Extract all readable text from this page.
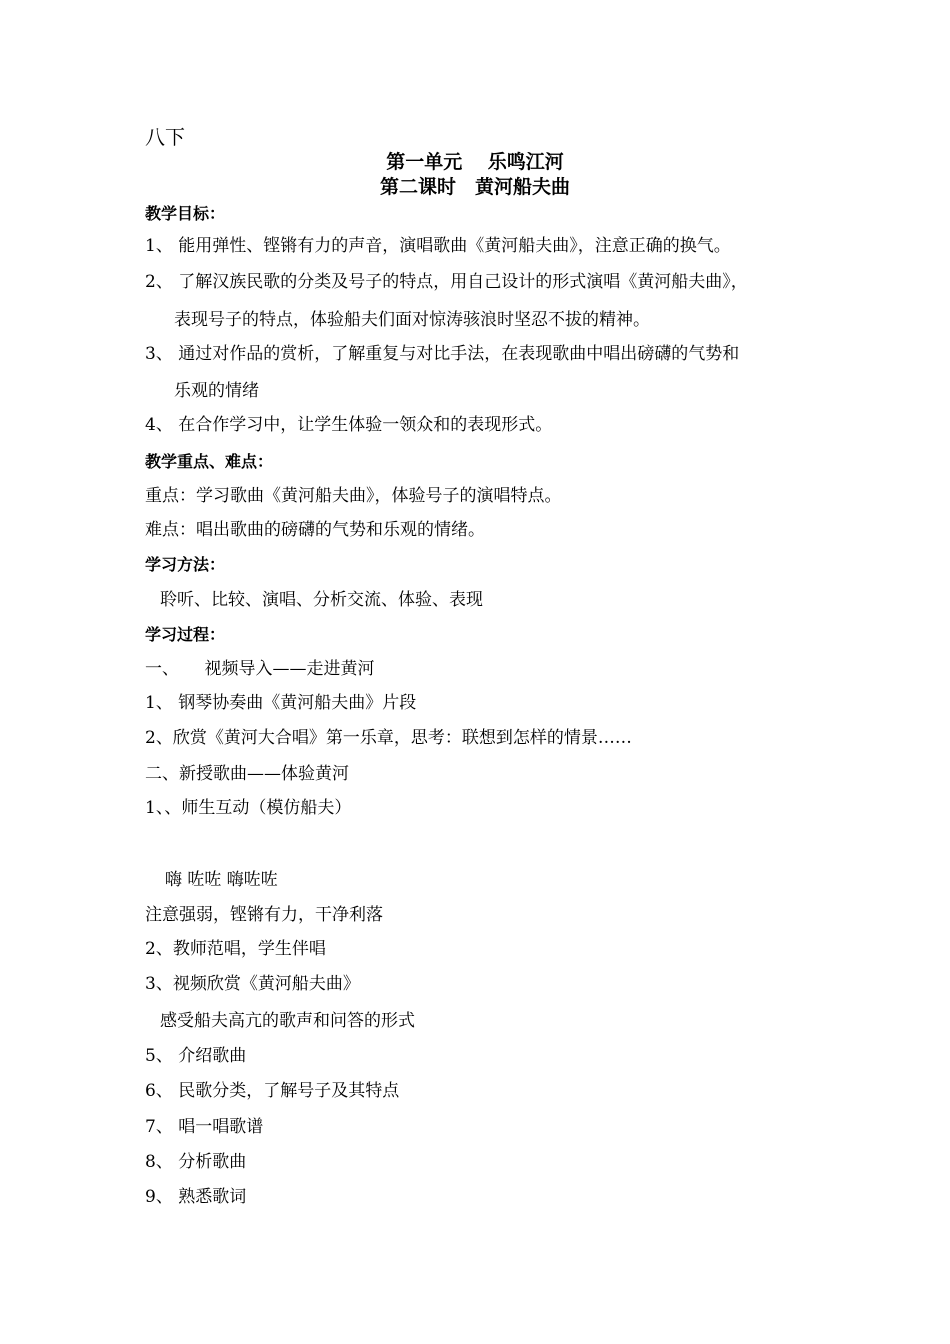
八下
第一单元　 乐鸣江河
第二课时　黄河船夫曲
教学目标：
1、 能用弹性、铿锵有力的声音，演唱歌曲《黄河船夫曲》，注意正确的换气。
2、 了解汉族民歌的分类及号子的特点，用自己设计的形式演唱《黄河船夫曲》，
表现号子的特点，体验船夫们面对惊涛骇浪时坚忍不拔的精神。
3、 通过对作品的赏析，了解重复与对比手法，在表现歌曲中唱出磅礴的气势和
乐观的情绪
4、 在合作学习中，让学生体验一领众和的表现形式。
教学重点、难点：
重点：学习歌曲《黄河船夫曲》，体验号子的演唱特点。
难点：唱出歌曲的磅礴的气势和乐观的情绪。
学习方法：
聆听、比较、演唱、分析交流、体验、表现
学习过程：
一、　　视频导入——走进黄河
1、 钢琴协奏曲《黄河船夫曲》片段
2、欣赏《黄河大合唱》第一乐章，思考：联想到怎样的情景……
二、新授歌曲——体验黄河
1、、师生互动（模仿船夫）
嗨 咗咗 嗨咗咗
注意强弱，铿锵有力，干净利落
2、教师范唱，学生伴唱
3、视频欣赏《黄河船夫曲》
感受船夫高亢的歌声和问答的形式
5、 介绍歌曲
6、 民歌分类，了解号子及其特点
7、 唱一唱歌谱
8、 分析歌曲
9、 熟悉歌词
